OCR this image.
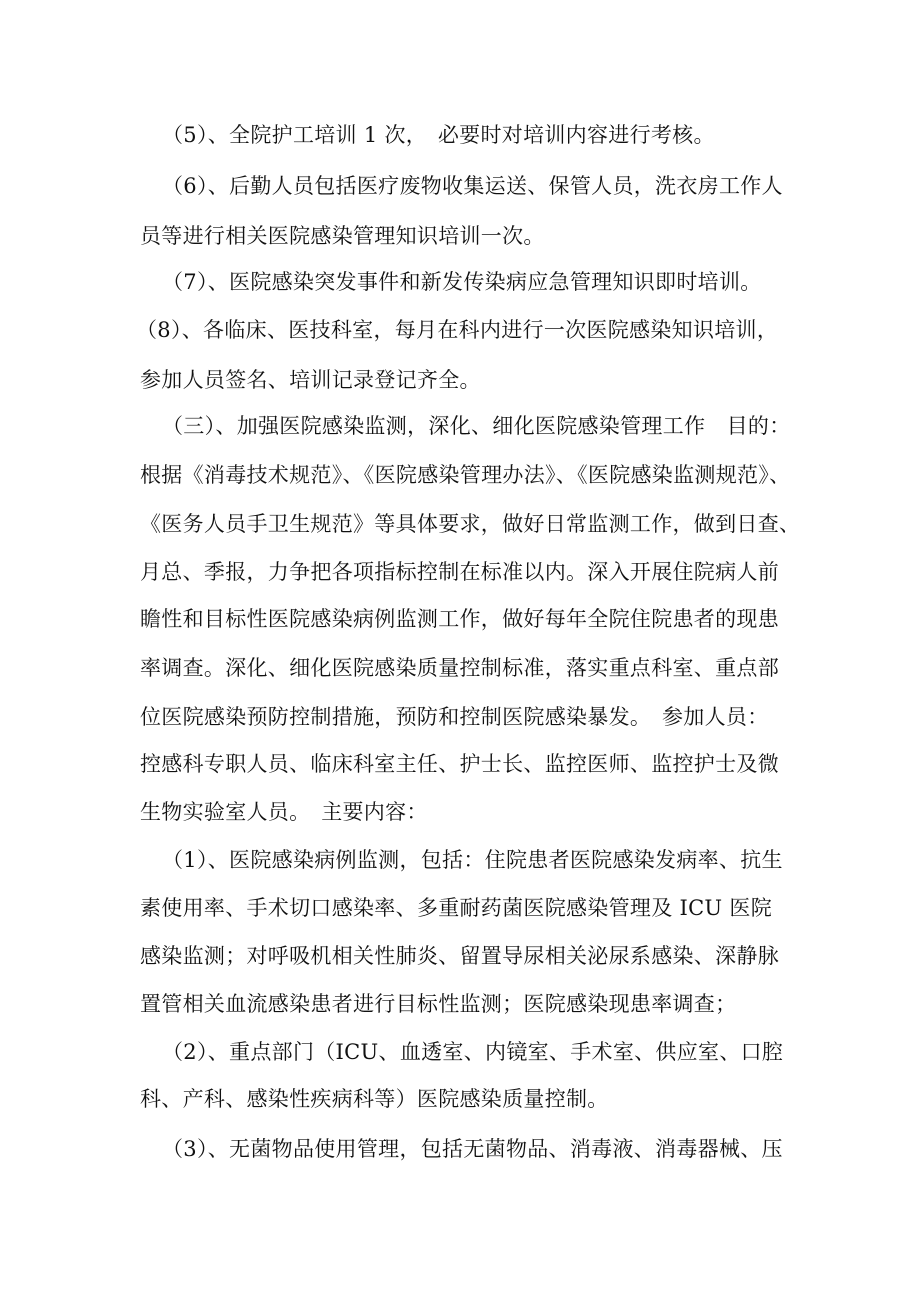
（5）、全院护工培训 1 次，　必要时对培训内容进行考核。
（6）、后勤人员包括医疗废物收集运送、保管人员，洗衣房工作人
员等进行相关医院感染管理知识培训一次。
（7）、医院感染突发事件和新发传染病应急管理知识即时培训。
（8）、各临床、医技科室，每月在科内进行一次医院感染知识培训，
参加人员签名、培训记录登记齐全。
（三）、加强医院感染监测，深化、细化医院感染管理工作　目的：
根据《消毒技术规范》、《医院感染管理办法》、《医院感染监测规范》、
《医务人员手卫生规范》等具体要求，做好日常监测工作，做到日查、
月总、季报，力争把各项指标控制在标准以内。深入开展住院病人前
瞻性和目标性医院感染病例监测工作，做好每年全院住院患者的现患
率调查。深化、细化医院感染质量控制标准，落实重点科室、重点部
位医院感染预防控制措施，预防和控制医院感染暴发。　参加人员：
控感科专职人员、临床科室主任、护士长、监控医师、监控护士及微
生物实验室人员。　主要内容：
（1）、医院感染病例监测，包括：住院患者医院感染发病率、抗生
素使用率、手术切口感染率、多重耐药菌医院感染管理及 ICU 医院
感染监测；对呼吸机相关性肺炎、留置导尿相关泌尿系感染、深静脉
置管相关血流感染患者进行目标性监测；医院感染现患率调查；
（2）、重点部门（ICU、血透室、内镜室、手术室、供应室、口腔
科、产科、感染性疾病科等）医院感染质量控制。
（3）、无菌物品使用管理，包括无菌物品、消毒液、消毒器械、压
